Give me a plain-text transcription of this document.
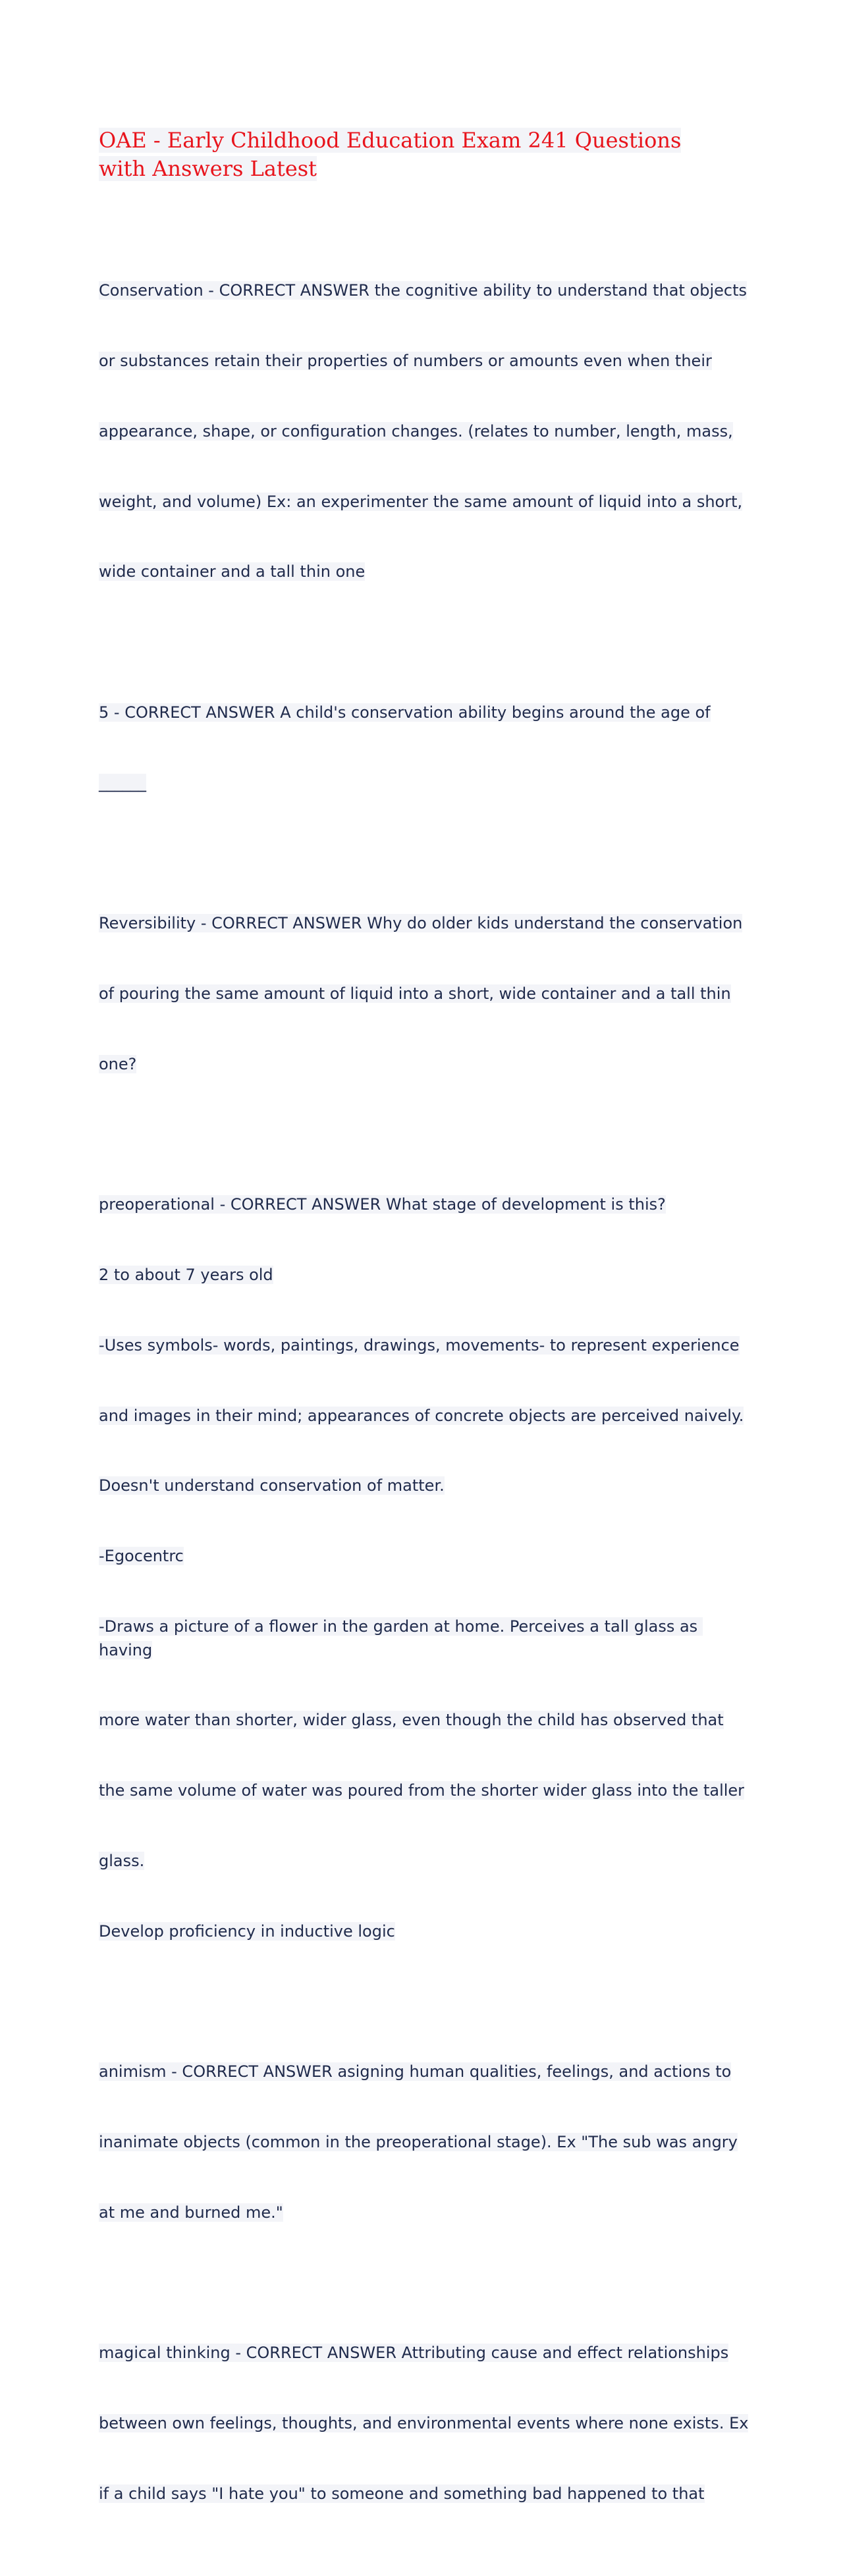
OAE - Early Childhood Education Exam 241 Questions with Answers Latest

Conservation - CORRECT ANSWER the cognitive ability to understand that objects

or substances retain their properties of numbers or amounts even when their

appearance, shape, or configuration changes. (relates to number, length, mass,

weight, and volume) Ex: an experimenter the same amount of liquid into a short,

wide container and a tall thin one

5 - CORRECT ANSWER A child's conservation ability begins around the age of

______

Reversibility - CORRECT ANSWER Why do older kids understand the conservation

of pouring the same amount of liquid into a short, wide container and a tall thin

one?

preoperational - CORRECT ANSWER What stage of development is this?

2 to about 7 years old

-Uses symbols- words, paintings, drawings, movements- to represent experience

and images in their mind; appearances of concrete objects are perceived naively.

Doesn't understand conservation of matter.

-Egocentrc

-Draws a picture of a flower in the garden at home. Perceives a tall glass as having

more water than shorter, wider glass, even though the child has observed that

the same volume of water was poured from the shorter wider glass into the taller

glass.

Develop proficiency in inductive logic

animism - CORRECT ANSWER asigning human qualities, feelings, and actions to

inanimate objects (common in the preoperational stage). Ex "The sub was angry

at me and burned me."

magical thinking - CORRECT ANSWER Attributing cause and effect relationships

between own feelings, thoughts, and environmental events where none exists. Ex

if a child says "I hate you" to someone and something bad happened to that
